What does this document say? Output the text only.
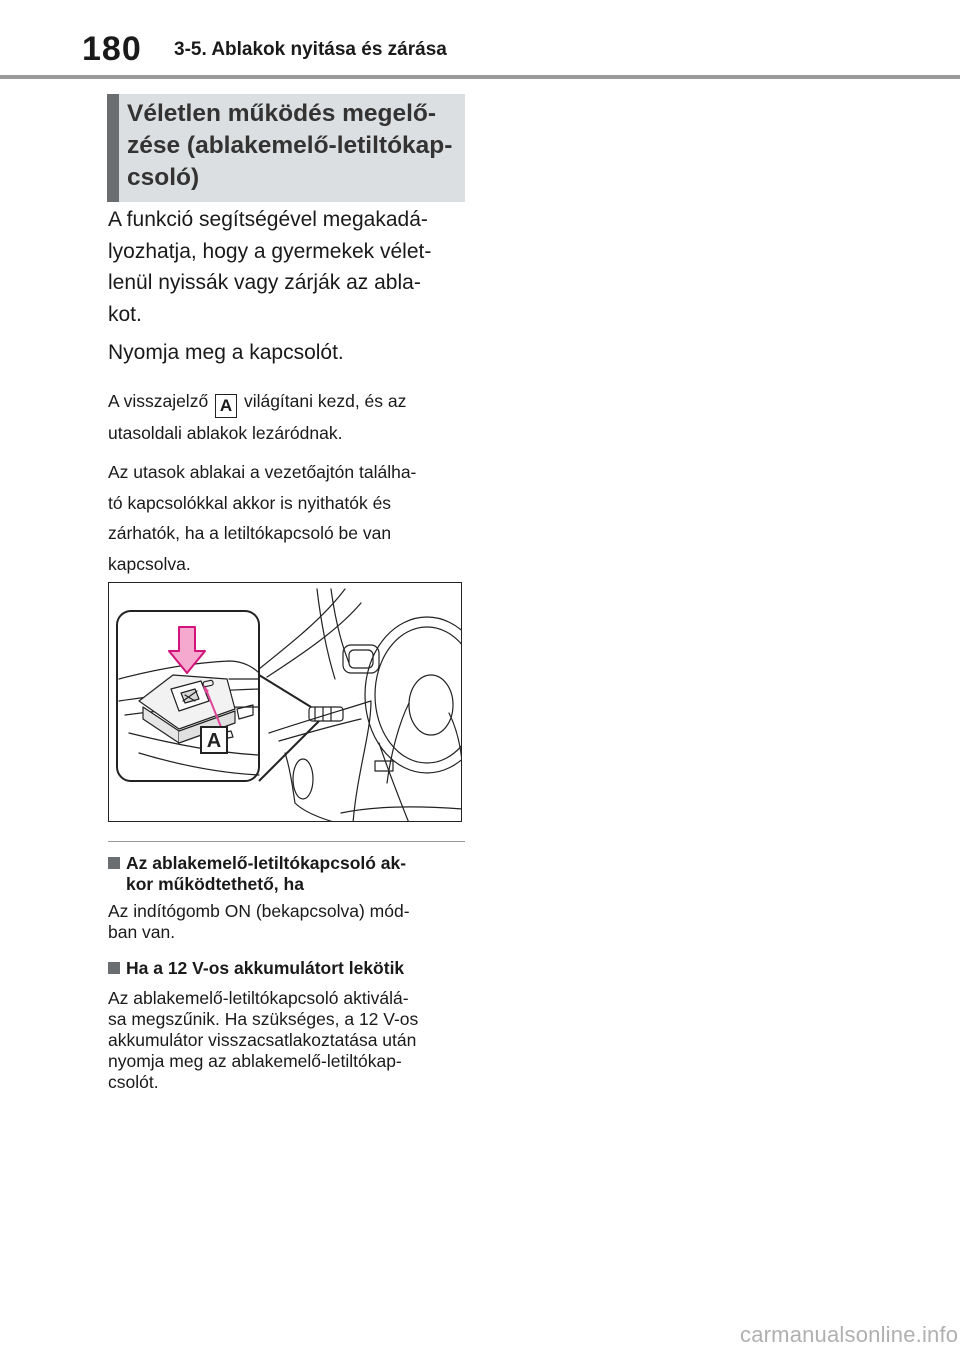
180 3-5. Ablakok nyitása és zárása
Véletlen működés megelő-
zése (ablakemelő-letiltókap-
csoló)
A funkció segítségével megakadá-
lyozhatja, hogy a gyermekek vélet-
lenül nyissák vagy zárják az abla-
kot.
Nyomja meg a kapcsolót.
A visszajelző A világítani kezd, és az
utasoldali ablakok lezáródnak.
Az utasok ablakai a vezetőajtón találha-
tó kapcsolókkal akkor is nyithatók és
zárhatók, ha a letiltókapcsoló be van
kapcsolva.
A
Az ablakemelő-letiltókapcsoló ak-
kor működtethető, ha
Az indítógomb ON (bekapcsolva) mód-
ban van.
Ha a 12 V-os akkumulátort lekötik
Az ablakemelő-letiltókapcsoló aktiválá-
sa megszűnik. Ha szükséges, a 12 V-os
akkumulátor visszacsatlakoztatása után
nyomja meg az ablakemelő-letiltókap-
csolót.
carmanualsonline.info
